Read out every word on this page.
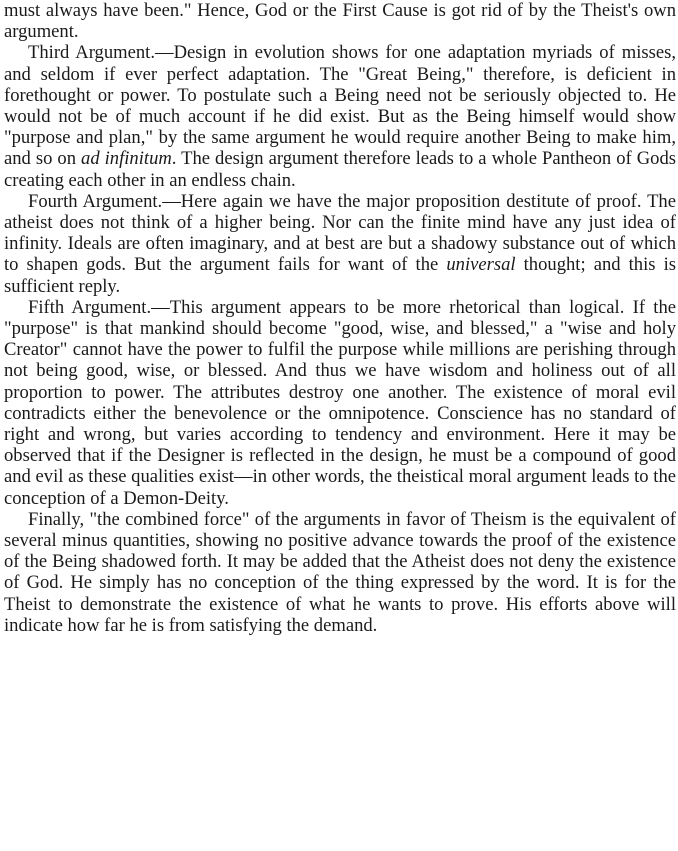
must always have been." Hence, God or the First Cause is got rid of by the Theist's own argument.

Third Argument.—Design in evolution shows for one adaptation myriads of misses, and seldom if ever perfect adaptation. The "Great Being," therefore, is deficient in forethought or power. To postulate such a Being need not be seriously objected to. He would not be of much account if he did exist. But as the Being himself would show "purpose and plan," by the same argument he would require another Being to make him, and so on ad infinitum. The design argument therefore leads to a whole Pantheon of Gods creating each other in an endless chain.

Fourth Argument.—Here again we have the major proposition destitute of proof. The atheist does not think of a higher being. Nor can the finite mind have any just idea of infinity. Ideals are often imaginary, and at best are but a shadowy substance out of which to shapen gods. But the argument fails for want of the universal thought; and this is sufficient reply.

Fifth Argument.—This argument appears to be more rhetorical than logical. If the "purpose" is that mankind should become "good, wise, and blessed," a "wise and holy Creator" cannot have the power to fulfil the purpose while millions are perishing through not being good, wise, or blessed. And thus we have wisdom and holiness out of all proportion to power. The attributes destroy one another. The existence of moral evil contradicts either the benevolence or the omnipotence. Conscience has no standard of right and wrong, but varies according to tendency and environment. Here it may be observed that if the Designer is reflected in the design, he must be a compound of good and evil as these qualities exist—in other words, the theistical moral argument leads to the conception of a Demon-Deity.

Finally, "the combined force" of the arguments in favor of Theism is the equivalent of several minus quantities, showing no positive advance towards the proof of the existence of the Being shadowed forth. It may be added that the Atheist does not deny the existence of God. He simply has no conception of the thing expressed by the word. It is for the Theist to demonstrate the existence of what he wants to prove. His efforts above will indicate how far he is from satisfying the demand.
